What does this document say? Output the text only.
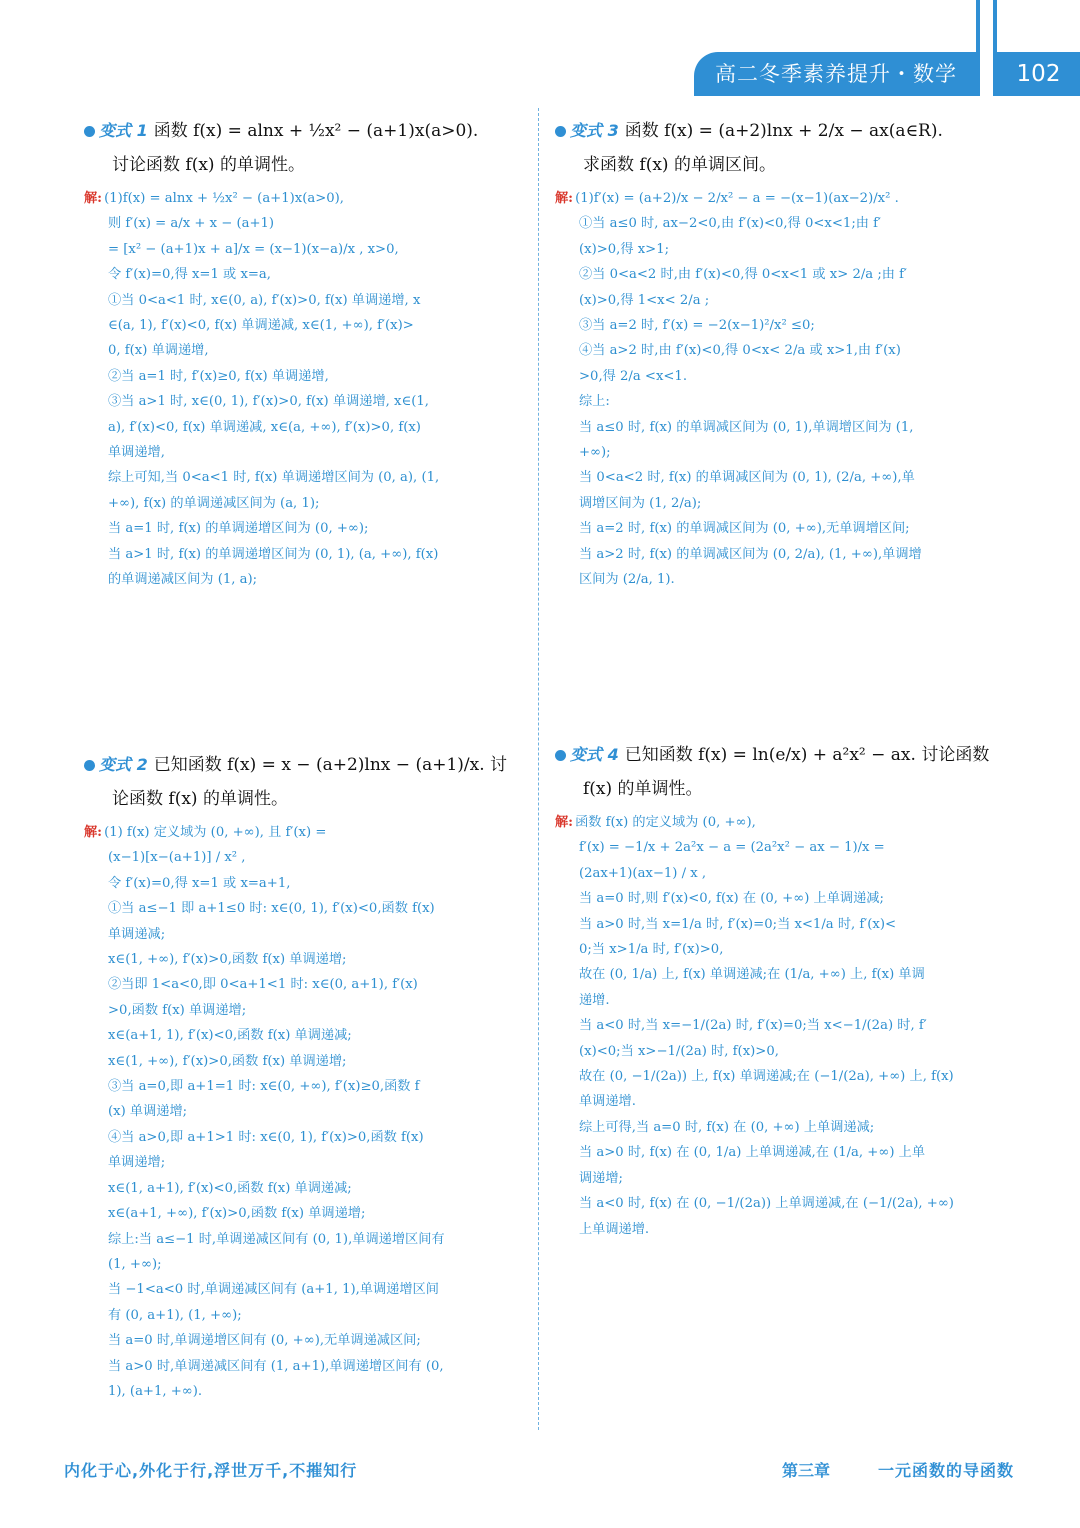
高二冬季素养提升・数学	102
变式 1 函数 f(x) = alnx + ½x² − (a+1)x(a>0).
讨论函数 f(x) 的单调性。
解: (1)f(x) = alnx + ½x² − (a+1)x(a>0),
则 f′(x) = a/x + x − (a+1)
= [x² − (a+1)x + a]/x = (x−1)(x−a)/x , x>0,
令 f′(x)=0,得 x=1 或 x=a,
①当 0<a<1 时, x∈(0, a), f′(x)>0, f(x) 单调递增, x
∈(a, 1), f′(x)<0, f(x) 单调递减, x∈(1, +∞), f′(x)>
0, f(x) 单调递增,
②当 a=1 时, f′(x)≥0, f(x) 单调递增,
③当 a>1 时, x∈(0, 1), f′(x)>0, f(x) 单调递增, x∈(1,
a), f′(x)<0, f(x) 单调递减, x∈(a, +∞), f′(x)>0, f(x)
单调递增,
综上可知,当 0<a<1 时, f(x) 单调递增区间为 (0, a), (1,
+∞), f(x) 的单调递减区间为 (a, 1);
当 a=1 时, f(x) 的单调递增区间为 (0, +∞);
当 a>1 时, f(x) 的单调递增区间为 (0, 1), (a, +∞), f(x)
的单调递减区间为 (1, a);
变式 2 已知函数 f(x) = x − (a+2)lnx − (a+1)/x. 讨
论函数 f(x) 的单调性。
解: (1) f(x) 定义域为 (0, +∞), 且 f′(x) =
(x−1)[x−(a+1)] / x² ,
令 f′(x)=0,得 x=1 或 x=a+1,
①当 a≤−1 即 a+1≤0 时: x∈(0, 1), f′(x)<0,函数 f(x)
单调递减;
x∈(1, +∞), f′(x)>0,函数 f(x) 单调递增;
②当即 1<a<0,即 0<a+1<1 时: x∈(0, a+1), f′(x)
>0,函数 f(x) 单调递增;
x∈(a+1, 1), f′(x)<0,函数 f(x) 单调递减;
x∈(1, +∞), f′(x)>0,函数 f(x) 单调递增;
③当 a=0,即 a+1=1 时: x∈(0, +∞), f′(x)≥0,函数 f
(x) 单调递增;
④当 a>0,即 a+1>1 时: x∈(0, 1), f′(x)>0,函数 f(x)
单调递增;
x∈(1, a+1), f′(x)<0,函数 f(x) 单调递减;
x∈(a+1, +∞), f′(x)>0,函数 f(x) 单调递增;
综上:当 a≤−1 时,单调递减区间有 (0, 1),单调递增区间有
(1, +∞);
当 −1<a<0 时,单调递减区间有 (a+1, 1),单调递增区间
有 (0, a+1), (1, +∞);
当 a=0 时,单调递增区间有 (0, +∞),无单调递减区间;
当 a>0 时,单调递减区间有 (1, a+1),单调递增区间有 (0,
1), (a+1, +∞).
变式 3 函数 f(x) = (a+2)lnx + 2/x − ax(a∈R).
求函数 f(x) 的单调区间。
解: (1)f′(x) = (a+2)/x − 2/x² − a = −(x−1)(ax−2)/x² .
①当 a≤0 时, ax−2<0,由 f′(x)<0,得 0<x<1;由 f′
(x)>0,得 x>1;
②当 0<a<2 时,由 f′(x)<0,得 0<x<1 或 x> 2/a ;由 f′
(x)>0,得 1<x< 2/a ;
③当 a=2 时, f′(x) = −2(x−1)²/x² ≤0;
④当 a>2 时,由 f′(x)<0,得 0<x< 2/a 或 x>1,由 f′(x)
>0,得 2/a <x<1.
综上:
当 a≤0 时, f(x) 的单调减区间为 (0, 1),单调增区间为 (1,
+∞);
当 0<a<2 时, f(x) 的单调减区间为 (0, 1), (2/a, +∞),单
调增区间为 (1, 2/a);
当 a=2 时, f(x) 的单调减区间为 (0, +∞),无单调增区间;
当 a>2 时, f(x) 的单调减区间为 (0, 2/a), (1, +∞),单调增
区间为 (2/a, 1).
变式 4 已知函数 f(x) = ln(e/x) + a²x² − ax. 讨论函数
f(x) 的单调性。
解: 函数 f(x) 的定义域为 (0, +∞),
f′(x) = −1/x + 2a²x − a = (2a²x² − ax − 1)/x =
(2ax+1)(ax−1) / x ,
当 a=0 时,则 f′(x)<0, f(x) 在 (0, +∞) 上单调递减;
当 a>0 时,当 x=1/a 时, f′(x)=0;当 x<1/a 时, f′(x)<
0;当 x>1/a 时, f′(x)>0,
故在 (0, 1/a) 上, f(x) 单调递减;在 (1/a, +∞) 上, f(x) 单调
递增.
当 a<0 时,当 x=−1/(2a) 时, f′(x)=0;当 x<−1/(2a) 时, f′
(x)<0;当 x>−1/(2a) 时, f(x)>0,
故在 (0, −1/(2a)) 上, f(x) 单调递减;在 (−1/(2a), +∞) 上, f(x)
单调递增.
综上可得,当 a=0 时, f(x) 在 (0, +∞) 上单调递减;
当 a>0 时, f(x) 在 (0, 1/a) 上单调递减,在 (1/a, +∞) 上单
调递增;
当 a<0 时, f(x) 在 (0, −1/(2a)) 上单调递减,在 (−1/(2a), +∞)
上单调递增.
内化于心,外化于行,浮世万千,不摧知行	第三章	一元函数的导函数
